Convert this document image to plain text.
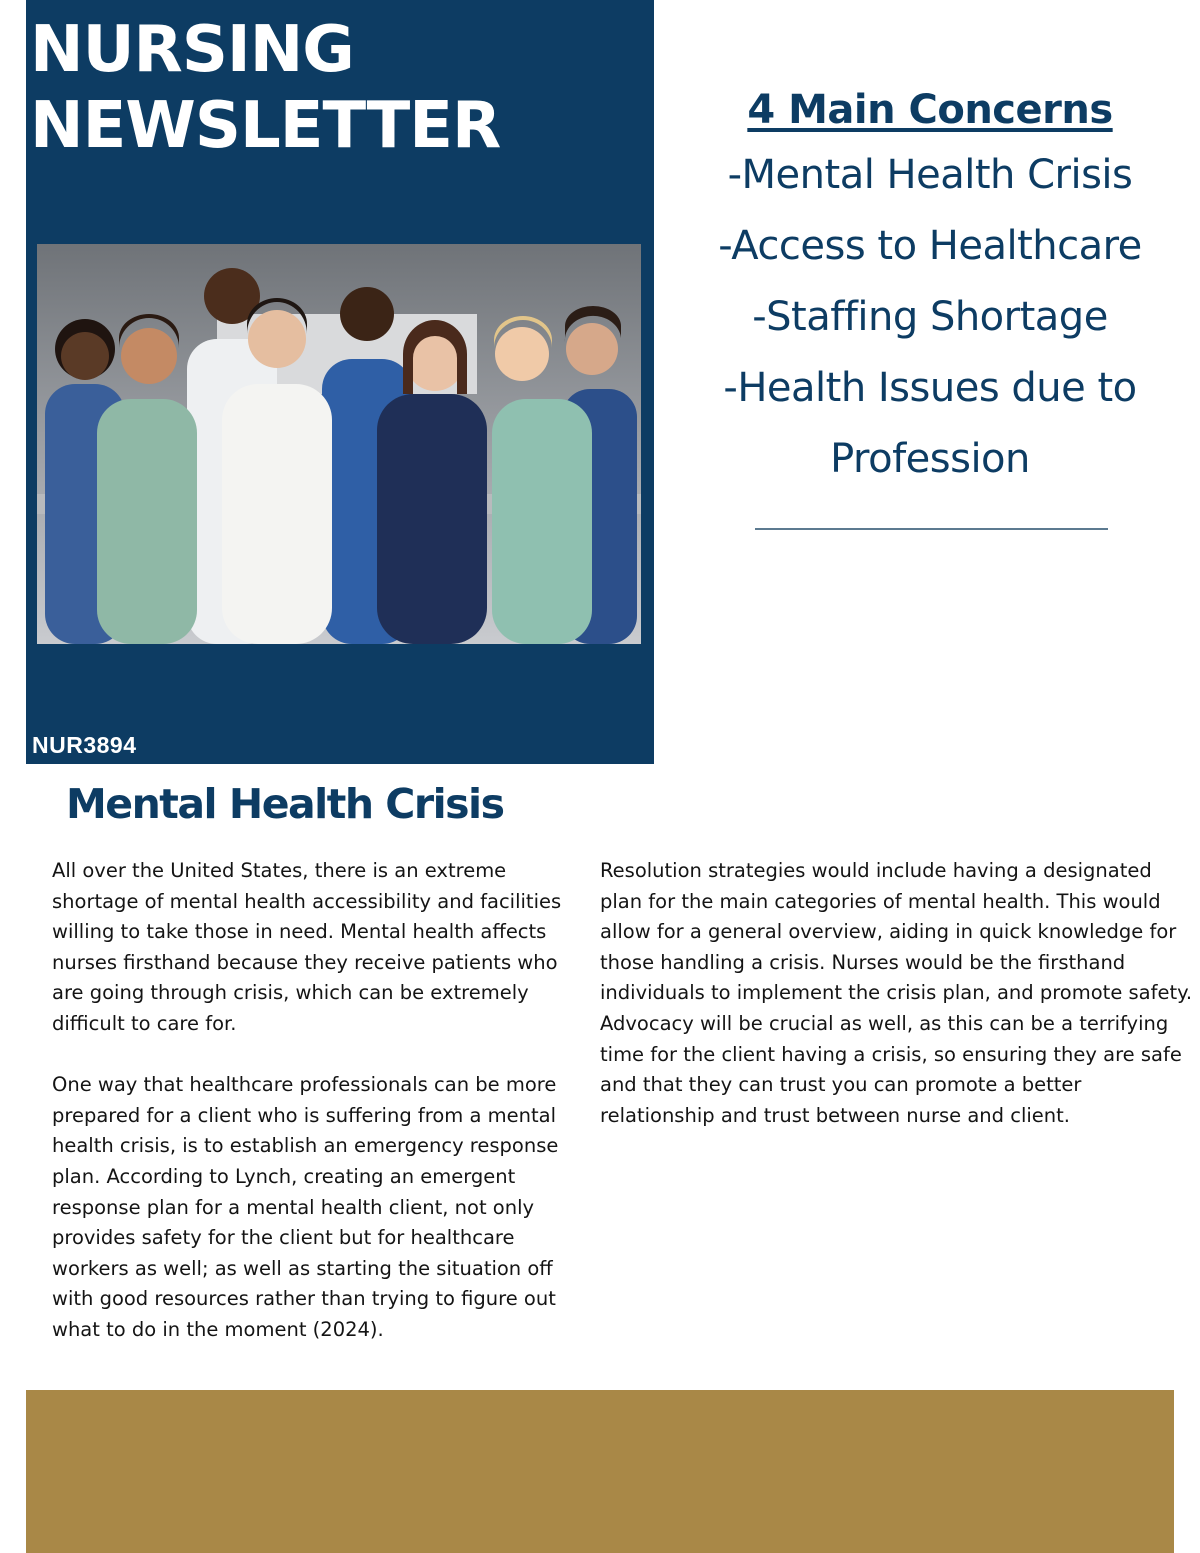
NURSING
NEWSLETTER
NUR3894
4 Main Concerns
-Mental Health Crisis
-Access to Healthcare
-Staffing Shortage
-Health Issues due to
Profession
Mental Health Crisis

All over the United States, there is an extreme shortage of mental health accessibility and facilities willing to take those in need. Mental health affects nurses firsthand because they receive patients who are going through crisis, which can be extremely difficult to care for.

One way that healthcare professionals can be more prepared for a client who is suffering from a mental health crisis, is to establish an emergency response plan. According to Lynch, creating an emergent response plan for a mental health client, not only provides safety for the client but for healthcare workers as well; as well as starting the situation off with good resources rather than trying to figure out what to do in the moment (2024).

Resolution strategies would include having a designated plan for the main categories of mental health. This would allow for a general overview, aiding in quick knowledge for those handling a crisis. Nurses would be the firsthand individuals to implement the crisis plan, and promote safety. Advocacy will be crucial as well, as this can be a terrifying time for the client having a crisis, so ensuring they are safe and that they can trust you can promote a better relationship and trust between nurse and client.
